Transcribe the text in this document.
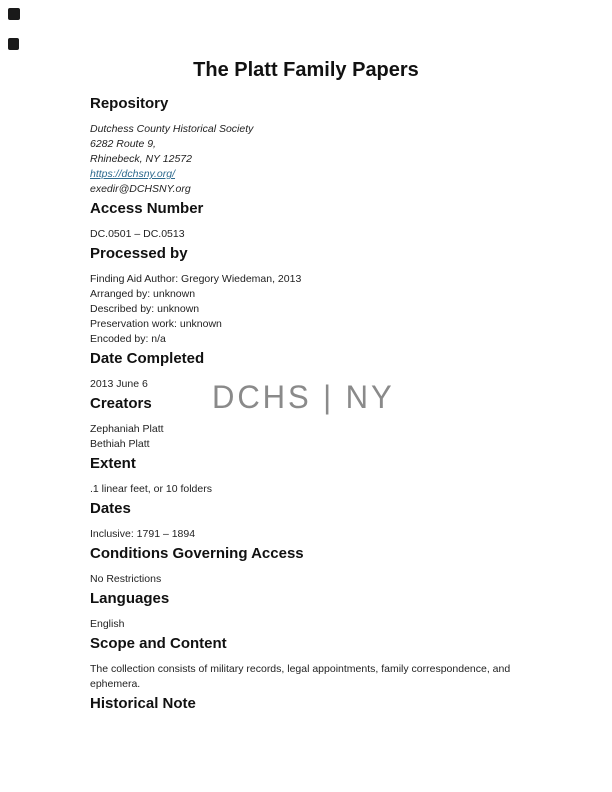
DCHS | NY
The Platt Family Papers
Repository
Dutchess County Historical Society
6282 Route 9,
Rhinebeck, NY 12572
https://dchsny.org/
exedir@DCHSNY.org
Access Number
DC.0501 – DC.0513
Processed by
Finding Aid Author: Gregory Wiedeman, 2013
Arranged by: unknown
Described by: unknown
Preservation work: unknown
Encoded by: n/a
Date Completed
2013 June 6
Creators
Zephaniah Platt
Bethiah Platt
Extent
.1 linear feet, or 10 folders
Dates
Inclusive: 1791 – 1894
Conditions Governing Access
No Restrictions
Languages
English
Scope and Content
The collection consists of military records, legal appointments, family correspondence, and
ephemera.
Historical Note
